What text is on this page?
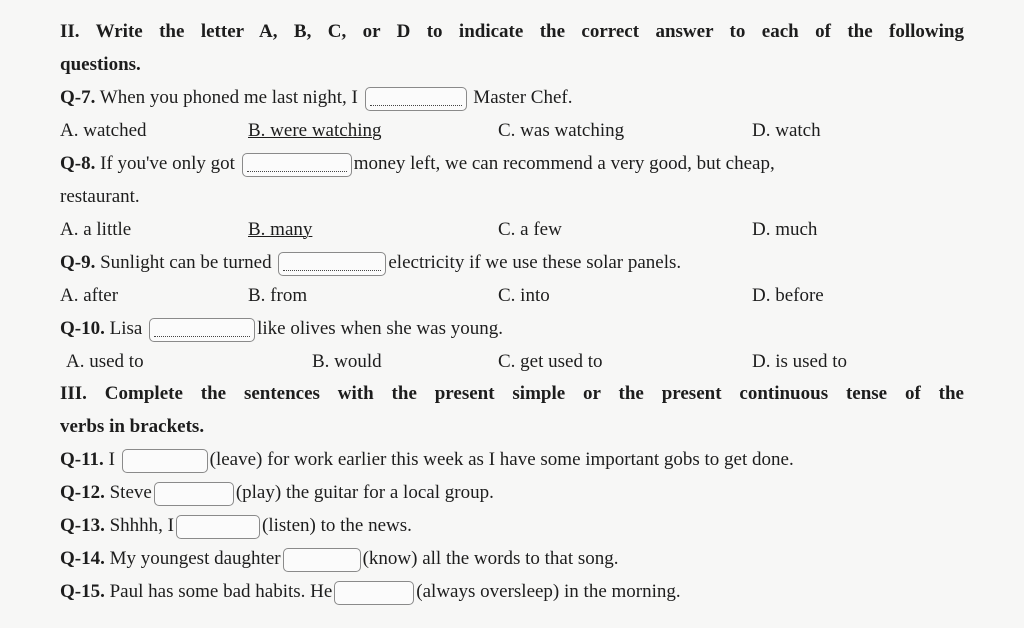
II. Write the letter A, B, C, or D to indicate the correct answer to each of the following
questions.
Q-7. When you phoned me last night, I	Master Chef.
A. watched	B. were watching	C. was watching	D. watch
Q-8. If you've only got	money left, we can recommend a very good, but cheap,
restaurant.
A. a little	B. many	C. a few	D. much
Q-9. Sunlight can be turned	electricity if we use these solar panels.
A. after	B. from	C. into	D. before
Q-10. Lisa	like olives when she was young.
A. used to	B. would	C. get used to	D. is used to
III. Complete the sentences with the present simple or the present continuous tense of the
verbs in brackets.
Q-11. I	(leave) for work earlier this week as I have some important gobs to get done.
Q-12. Steve	(play) the guitar for a local group.
Q-13. Shhhh, I	(listen) to the news.
Q-14. My youngest daughter	(know) all the words to that song.
Q-15. Paul has some bad habits. He	(always oversleep) in the morning.
